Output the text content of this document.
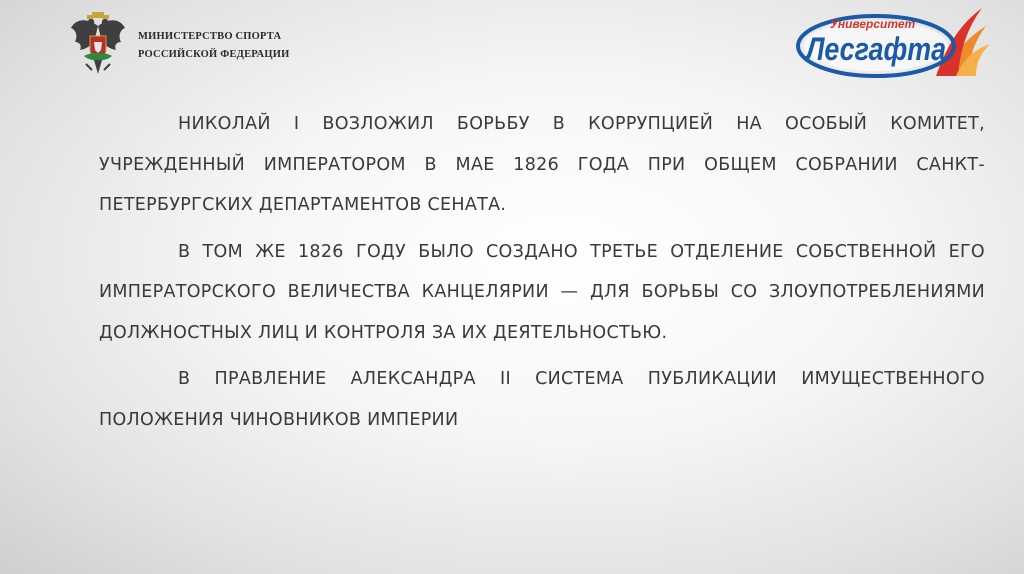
МИНИСТЕРСТВО СПОРТА
РОССИЙСКОЙ ФЕДЕРАЦИИ
Университет
Лесгафта

НИКОЛАЙ I ВОЗЛОЖИЛ БОРЬБУ В КОРРУПЦИЕЙ НА ОСОБЫЙ КОМИТЕТ, УЧРЕЖДЕННЫЙ ИМПЕРАТОРОМ В МАЕ 1826 ГОДА ПРИ ОБЩЕМ СОБРАНИИ САНКТ-ПЕТЕРБУРГСКИХ ДЕПАРТАМЕНТОВ СЕНАТА.

В ТОМ ЖЕ 1826 ГОДУ БЫЛО СОЗДАНО ТРЕТЬЕ ОТДЕЛЕНИЕ СОБСТВЕННОЙ ЕГО ИМПЕРАТОРСКОГО ВЕЛИЧЕСТВА КАНЦЕЛЯРИИ — ДЛЯ БОРЬБЫ СО ЗЛОУПОТРЕБЛЕНИЯМИ ДОЛЖНОСТНЫХ ЛИЦ И КОНТРОЛЯ ЗА ИХ ДЕЯТЕЛЬНОСТЬЮ.

В ПРАВЛЕНИЕ АЛЕКСАНДРА II СИСТЕМА ПУБЛИКАЦИИ ИМУЩЕСТВЕННОГО ПОЛОЖЕНИЯ ЧИНОВНИКОВ ИМПЕРИИ
